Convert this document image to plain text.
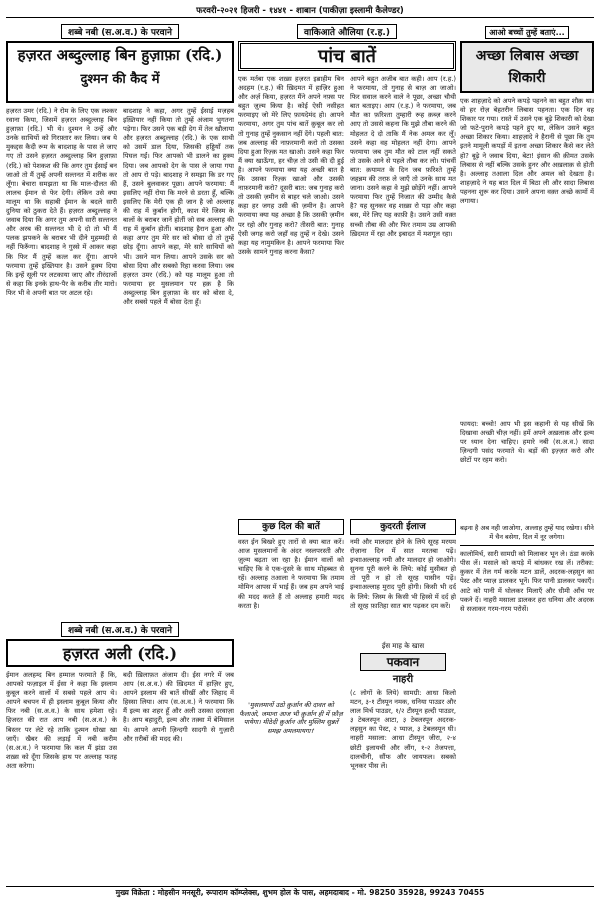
फरवरी-२०२१ हिजरी - १४४१ - शाबान (पाकीज़ा इस्लामी कैलेण्डर)
शब्बे नबी (स.अ.व.) के परवाने
हज़रत अब्दुल्लाह बिन हुज़ाफ़ा (रदि.)
दुश्मन की कैद में
हज़रत उमर (रदि.) ने रोम के लिए एक लश्कर रवाना किया, जिसमें हज़रत अब्दुल्लाह बिन हुज़ाफ़ा (रदि.) भी थे। दुश्मन ने उन्हें और उनके साथियों को गिरफ़्तार कर लिया। जब ये मुकद्दस कैदी रूम के बादशाह के पास ले जाए गए तो उसने हज़रत अब्दुल्लाह बिन हुज़ाफ़ा (रदि.) को पेशकश की कि अगर तुम ईसाई बन जाओ तो मैं तुम्हें अपनी सल्तनत में शरीक कर लूँगा। बेचारा समझता था कि माल-दौलत की लालच ईमान से फेर देगी। लेकिन उसे क्या मालूम था कि सहाबी ईमान के बदले सारी दुनिया को ठुकरा देते हैं। हज़रत अब्दुल्लाह ने जवाब दिया कि अगर तुम अपनी सारी सल्तनत और अरब की सल्तनत भी दे दो तो भी मैं पलक झपकने के बराबर भी दीने मुहम्मदी से नहीं फिरूँगा। बादशाह ने गुस्से में आकर कहा कि फिर मैं तुम्हें कत्ल कर दूँगा। आपने फरमाया तुम्हें इख्तियार है। उसने हुक्म दिया कि इन्हें सूली पर लटकाया जाए और तीरंदाजों से कहा कि इनके हाथ-पैर के करीब तीर मारो। फिर भी वे अपनी बात पर अटल रहे।
बादशाह ने कहा, अगर तुम्हें ईसाई मज़हब इख़्तियार नहीं किया तो तुम्हें अंजाम भुगतना पड़ेगा। फिर उसने एक बड़ी देग में तेल खौलाया और हज़रत अब्दुल्लाह (रदि.) के एक साथी को उसमें डाल दिया, जिसकी हड्डियाँ तक पिघल गईं। फिर आपको भी डालने का हुक्म दिया। जब आपको देग के पास ले जाया गया तो आप रो पड़े। बादशाह ने समझा कि डर गए हैं, उसने बुलवाकर पूछा। आपने फरमाया: मैं इसलिए नहीं रोया कि मरने से डरता हूँ, बल्कि इसलिए कि मेरी एक ही जान है जो अल्लाह की राह में कुर्बान होगी, काश मेरे जिस्म के बालों के बराबर जानें होतीं जो सब अल्लाह की राह में कुर्बान होतीं। बादशाह हैरान हुआ और कहा अगर तुम मेरे सर को बोसा दो तो तुम्हें छोड़ दूँगा। आपने कहा, मेरे सारे साथियों को भी। उसने मान लिया। आपने उसके सर को बोसा दिया और सबको रिहा करवा लिया। जब हज़रत उमर (रदि.) को यह मालूम हुआ तो फरमाया हर मुसलमान पर हक़ है कि अब्दुल्लाह बिन हुज़ाफ़ा के सर को बोसा दे, और सबसे पहले मैं बोसा देता हूँ।
शब्बे नबी (स.अ.व.) के परवाने
हज़रत अली (रदि.)
ईमान अलहम्द बिन हम्माल फरमाते हैं कि, आपको फज़ाइल में ईसा ने कहा कि इस्लाम कुबूल करने वालों में सबसे पहले आप थे। आपने बचपन में ही इस्लाम कुबूल किया और फिर नबी (स.अ.व.) के साथ हमेशा रहे। हिजरत की रात आप नबी (स.अ.व.) के बिस्तर पर लेटे रहे ताकि दुश्मन धोखा खा जाएँ। खैबर की लड़ाई में नबी करीम (स.अ.व.) ने फरमाया कि कल मैं झंडा उस शख़्स को दूँगा जिसके हाथ पर अल्लाह फतह अता करेगा।
बदी ख़िलाफ़त अंजाम दी। ईस नगरे में जब आप (स.अ.व.) की ख़िदमत में हाज़िर हुए, आपने इस्लाम की बातें सीखीं और जिहाद में हिस्सा लिया। आप (स.अ.व.) ने फरमाया कि मैं इल्म का शहर हूँ और अली उसका दरवाज़ा है। आप बहादुरी, इल्म और तक़्वा में बेमिसाल थे। आपने अपनी ज़िन्दगी सादगी से गुज़ारी और ग़रीबों की मदद की।
वाकिआते औलिया (र.ह.)
पांच बातें
एक मर्तबा एक शख़्स हज़रत इब्राहीम बिन अदहम (र.ह.) की ख़िदमत में हाज़िर हुआ और अर्ज़ किया, हज़रत मैंने अपने नफ़्स पर बहुत ज़ुल्म किया है। कोई ऐसी नसीहत फरमाइए जो मेरे लिए फ़ायदेमंद हो। आपने फरमाया, अगर तुम पांच बातें क़ुबूल कर लो तो गुनाह तुम्हें नुकसान नहीं देंगे। पहली बात: जब अल्लाह की नाफ़रमानी करो तो उसका दिया हुआ रिज़्क़ मत खाओ। उसने कहा फिर मैं क्या खाऊँगा, हर चीज़ तो उसी की दी हुई है। आपने फरमाया क्या यह अच्छी बात है कि उसका रिज़्क़ खाओ और उसकी नाफ़रमानी करो? दूसरी बात: जब गुनाह करो तो उसकी ज़मीन से बाहर चले जाओ। उसने कहा हर जगह उसी की ज़मीन है। आपने फरमाया क्या यह अच्छा है कि उसकी ज़मीन पर रहो और गुनाह करो? तीसरी बात: गुनाह ऐसी जगह करो जहाँ वह तुम्हें न देखे। उसने कहा यह नामुमकिन है। आपने फरमाया फिर उसके सामने गुनाह करना कैसा?
आपने बहुत अजीब बात कही। आप (र.ह.) ने फरमाया, तो गुनाह से बाज़ आ जाओ। फिर सवाल करने वाले ने पूछा, अच्छा चौथी बात बताइए। आप (र.ह.) ने फरमाया, जब मौत का फ़रिश्ता तुम्हारी रूह क़ब्ज़ करने आए तो उससे कहना कि मुझे तौबा करने की मोहलत दे दो ताकि मैं नेक अमल कर लूँ। उसने कहा वह मोहलत नहीं देगा। आपने फरमाया जब तुम मौत को टाल नहीं सकते तो उसके आने से पहले तौबा कर लो। पांचवीं बात: क़यामत के दिन जब फ़रिश्ते तुम्हें जहन्नम की तरफ़ ले जाएँ तो उनके साथ मत जाना। उसने कहा वे मुझे छोड़ेंगे नहीं। आपने फरमाया फिर तुम्हें निजात की उम्मीद कैसे है? यह सुनकर वह शख़्स रो पड़ा और कहा बस, मेरे लिए यह काफ़ी है। उसने उसी वक़्त सच्ची तौबा की और फिर तमाम उम्र आपकी ख़िदमत में रहा और इबादत में मशगूल रहा।
कुछ दिल की बातें
वस्त ईन बिखरे हुए तारों से क्या बात करें। आज मुसलमानों के अंदर नस्लपरस्ती और ज़ुल्म बढ़ता जा रहा है। ईमान वालों को चाहिए कि वे एक-दूसरे के साथ मोहब्बत से रहें। अल्लाह तआला ने फरमाया कि तमाम मोमिन आपस में भाई हैं। जब हम अपने भाई की मदद करते हैं तो अल्लाह हमारी मदद करता है।
'मुसलमानों उठो क़ुर्आन की दावत को फैलाओ, जमाना आज भी क़ुर्आन ही में फ़ौज़ पायेगा। मीठेदी क़ुर्आन और मुस्लिम सुन्नतें समझ अमलमायगा।'
कुदरती ईलाज
नमी और मालदार होने के लिये सूरह मरयम रोज़ाना दिन में सात मरतबा पढ़ें। इन्शाअल्लाह नमी और मालदार हो जाओगे। सुनना पूरी करने के लिये: कोई मुसीबत हो तो पूरी न हो तो सूरह यासीन पढ़ें। इन्शाअल्लाह मुराद पूरी होगी। किसी भी दर्द के लिये: जिस्म के किसी भी हिस्से में दर्द हो तो सूरह फ़ातिहा सात बार पढ़कर दम करें।
ईस माह के खास
पकवान
नाहरी
(८ लोगों के लिये) सामग्री: आधा किलो मटन, ३-१ टीस्पून नमक, धनिया पाउडर और लाल मिर्च पाउडर, १/२ टीस्पून हल्दी पाउडर, ३ टेबलस्पून आटा, ३ टेबलस्पून अदरक-लहसुन का पेस्ट, २ प्याज, ३ टेबलस्पून घी। नाहरी मसाला: आधा टीस्पून जीरा, २-४ छोटी इलायची और लौंग, १-२ तेजपत्ता, दालचीनी, सौंफ और जायफल। सबको भूनकर पीस लें।
आओ बच्चों तुम्हें बताएं...
अच्छा लिबास अच्छा शिकारी
एक शाहज़ादे को अपने कपड़े पहनने का बहुत शौक़ था। वो हर रोज़ बेहतरीन लिबास पहनता। एक दिन वह शिकार पर गया। रास्ते में उसने एक बूढ़े शिकारी को देखा जो फटे-पुराने कपड़े पहने हुए था, लेकिन उसने बहुत अच्छा शिकार किया। शाहज़ादे ने हैरानी से पूछा कि तुम इतने मामूली कपड़ों में इतना अच्छा शिकार कैसे कर लेते हो? बूढ़े ने जवाब दिया, बेटा! इंसान की क़ीमत उसके लिबास से नहीं बल्कि उसके हुनर और अख़लाक़ से होती है। अल्लाह तआला दिल और अमल को देखता है। शाहज़ादे ने यह बात दिल में बिठा ली और सादा लिबास पहनना शुरू कर दिया। उसने अपना वक़्त अच्छे कामों में लगाया।
फायदा: बच्चो! आप भी इस कहानी से यह सीखें कि दिखावा अच्छी चीज़ नहीं। हमें अपने अख़लाक़ और इल्म पर ध्यान देना चाहिए। हमारे नबी (स.अ.व.) सादा ज़िन्दगी पसंद फरमाते थे। बड़ों की इज़्ज़त करो और छोटों पर रहम करो।
बढ़ना है अब नही जाओगा, अल्लाह तुम्हें याद रखेगा। सीने में चैन बसेगा, दिल में नूर जगेगा।
कालोमिर्च, सारी सामग्री को मिलाकर भून ले। ठंडा करके पीस लें। मसाले को कपड़े में बांधकर रख लें। तरीका: कुकर में तेल गर्म करके मटन डालें, अदरक-लहसुन का पेस्ट और प्याज़ डालकर भूनें। फिर पानी डालकर पकाएँ। आटे को पानी में घोलकर मिलाएँ और धीमी आँच पर पकने दें। नाहरी मसाला डालकर हरा धनिया और अदरक से सजाकर गरम-गरम परोसें।
मुख्य विक्रेता : मोहसीन मनसूरी, रूपाराम कॉम्प्लेक्स, शुभम होल के पास, अहमदाबाद - मो. 98250 35928, 99243 70455
